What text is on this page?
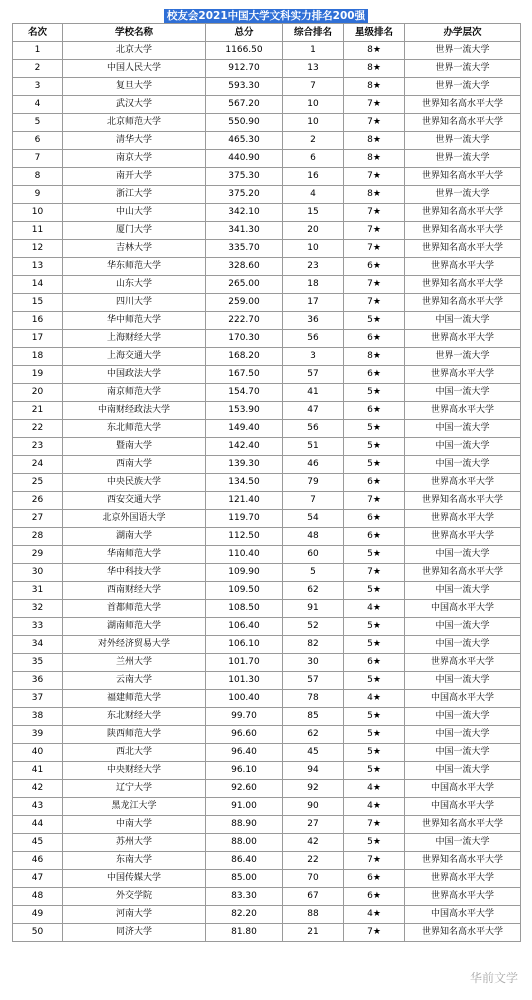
校友会2021中国大学文科实力排名200强
名次	学校名称	总分	综合排名	星级排名	办学层次
1	北京大学	1166.50	1	8★	世界一流大学
2	中国人民大学	912.70	13	8★	世界一流大学
3	复旦大学	593.30	7	8★	世界一流大学
4	武汉大学	567.20	10	7★	世界知名高水平大学
5	北京师范大学	550.90	10	7★	世界知名高水平大学
6	清华大学	465.30	2	8★	世界一流大学
7	南京大学	440.90	6	8★	世界一流大学
8	南开大学	375.30	16	7★	世界知名高水平大学
9	浙江大学	375.20	4	8★	世界一流大学
10	中山大学	342.10	15	7★	世界知名高水平大学
11	厦门大学	341.30	20	7★	世界知名高水平大学
12	吉林大学	335.70	10	7★	世界知名高水平大学
13	华东师范大学	328.60	23	6★	世界高水平大学
14	山东大学	265.00	18	7★	世界知名高水平大学
15	四川大学	259.00	17	7★	世界知名高水平大学
16	华中师范大学	222.70	36	5★	中国一流大学
17	上海财经大学	170.30	56	6★	世界高水平大学
18	上海交通大学	168.20	3	8★	世界一流大学
19	中国政法大学	167.50	57	6★	世界高水平大学
20	南京师范大学	154.70	41	5★	中国一流大学
21	中南财经政法大学	153.90	47	6★	世界高水平大学
22	东北师范大学	149.40	56	5★	中国一流大学
23	暨南大学	142.40	51	5★	中国一流大学
24	西南大学	139.30	46	5★	中国一流大学
25	中央民族大学	134.50	79	6★	世界高水平大学
26	西安交通大学	121.40	7	7★	世界知名高水平大学
27	北京外国语大学	119.70	54	6★	世界高水平大学
28	湖南大学	112.50	48	6★	世界高水平大学
29	华南师范大学	110.40	60	5★	中国一流大学
30	华中科技大学	109.90	5	7★	世界知名高水平大学
31	西南财经大学	109.50	62	5★	中国一流大学
32	首都师范大学	108.50	91	4★	中国高水平大学
33	湖南师范大学	106.40	52	5★	中国一流大学
34	对外经济贸易大学	106.10	82	5★	中国一流大学
35	兰州大学	101.70	30	6★	世界高水平大学
36	云南大学	101.30	57	5★	中国一流大学
37	福建师范大学	100.40	78	4★	中国高水平大学
38	东北财经大学	99.70	85	5★	中国一流大学
39	陕西师范大学	96.60	62	5★	中国一流大学
40	西北大学	96.40	45	5★	中国一流大学
41	中央财经大学	96.10	94	5★	中国一流大学
42	辽宁大学	92.60	92	4★	中国高水平大学
43	黑龙江大学	91.00	90	4★	中国高水平大学
44	中南大学	88.90	27	7★	世界知名高水平大学
45	苏州大学	88.00	42	5★	中国一流大学
46	东南大学	86.40	22	7★	世界知名高水平大学
47	中国传媒大学	85.00	70	6★	世界高水平大学
48	外交学院	83.30	67	6★	世界高水平大学
49	河南大学	82.20	88	4★	中国高水平大学
50	同济大学	81.80	21	7★	世界知名高水平大学
华前文学
